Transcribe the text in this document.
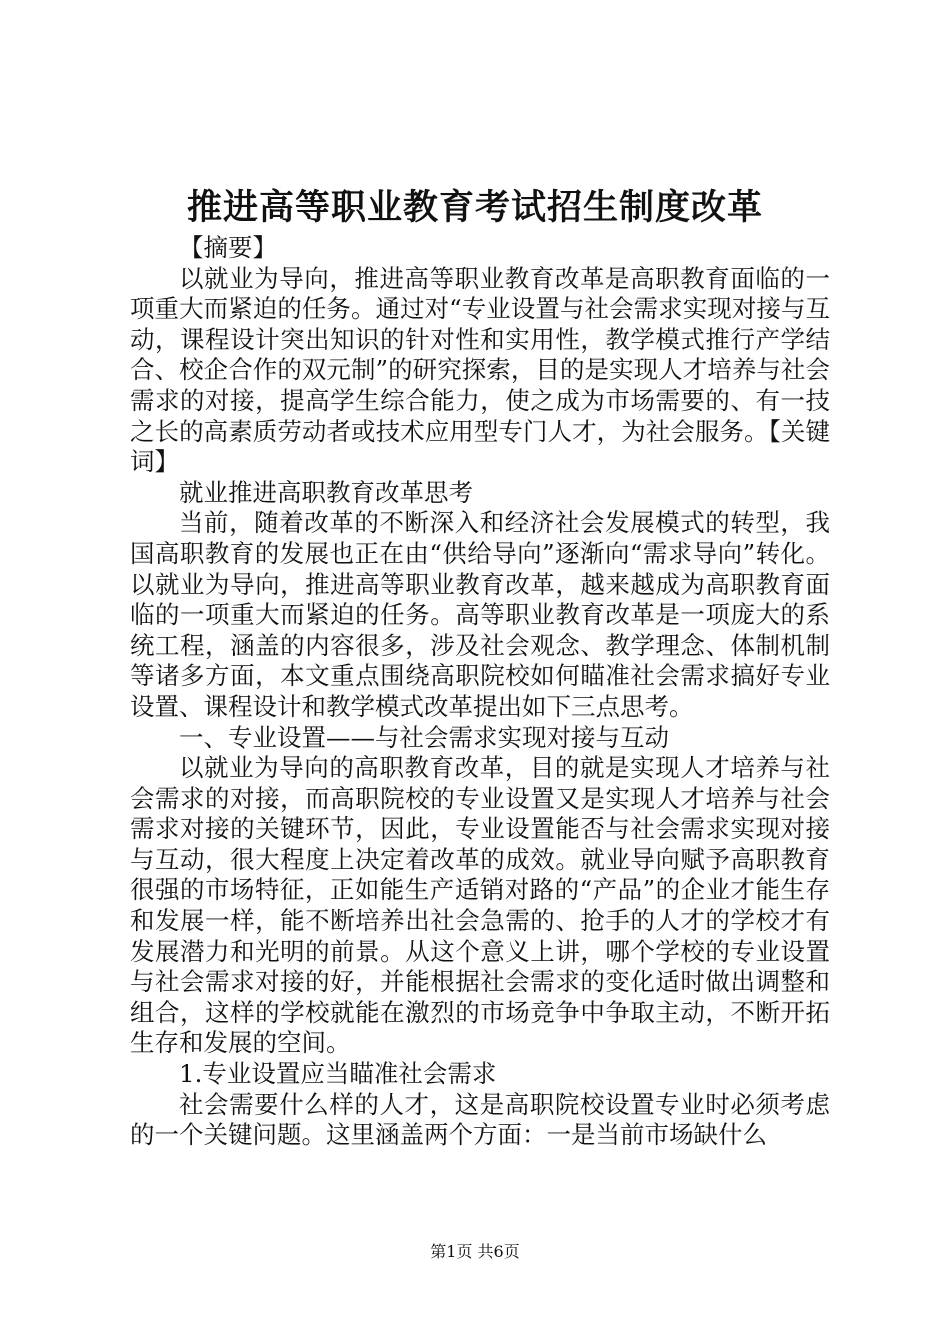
推进高等职业教育考试招生制度改革

【摘要】

以就业为导向，推进高等职业教育改革是高职教育面临的一项重大而紧迫的任务。通过对“专业设置与社会需求实现对接与互动，课程设计突出知识的针对性和实用性，教学模式推行产学结合、校企合作的双元制”的研究探索，目的是实现人才培养与社会需求的对接，提高学生综合能力，使之成为市场需要的、有一技之长的高素质劳动者或技术应用型专门人才，为社会服务。【关键词】

就业推进高职教育改革思考

当前，随着改革的不断深入和经济社会发展模式的转型，我国高职教育的发展也正在由“供给导向”逐渐向“需求导向”转化。以就业为导向，推进高等职业教育改革，越来越成为高职教育面临的一项重大而紧迫的任务。高等职业教育改革是一项庞大的系统工程，涵盖的内容很多，涉及社会观念、教学理念、体制机制等诸多方面，本文重点围绕高职院校如何瞄准社会需求搞好专业设置、课程设计和教学模式改革提出如下三点思考。

一、专业设置——与社会需求实现对接与互动

以就业为导向的高职教育改革，目的就是实现人才培养与社会需求的对接，而高职院校的专业设置又是实现人才培养与社会需求对接的关键环节，因此，专业设置能否与社会需求实现对接与互动，很大程度上决定着改革的成效。就业导向赋予高职教育很强的市场特征，正如能生产适销对路的“产品”的企业才能生存和发展一样，能不断培养出社会急需的、抢手的人才的学校才有发展潜力和光明的前景。从这个意义上讲，哪个学校的专业设置与社会需求对接的好，并能根据社会需求的变化适时做出调整和组合，这样的学校就能在激烈的市场竞争中争取主动，不断开拓生存和发展的空间。

1.专业设置应当瞄准社会需求

社会需要什么样的人才，这是高职院校设置专业时必须考虑的一个关键问题。这里涵盖两个方面：一是当前市场缺什么

第1页 共6页
